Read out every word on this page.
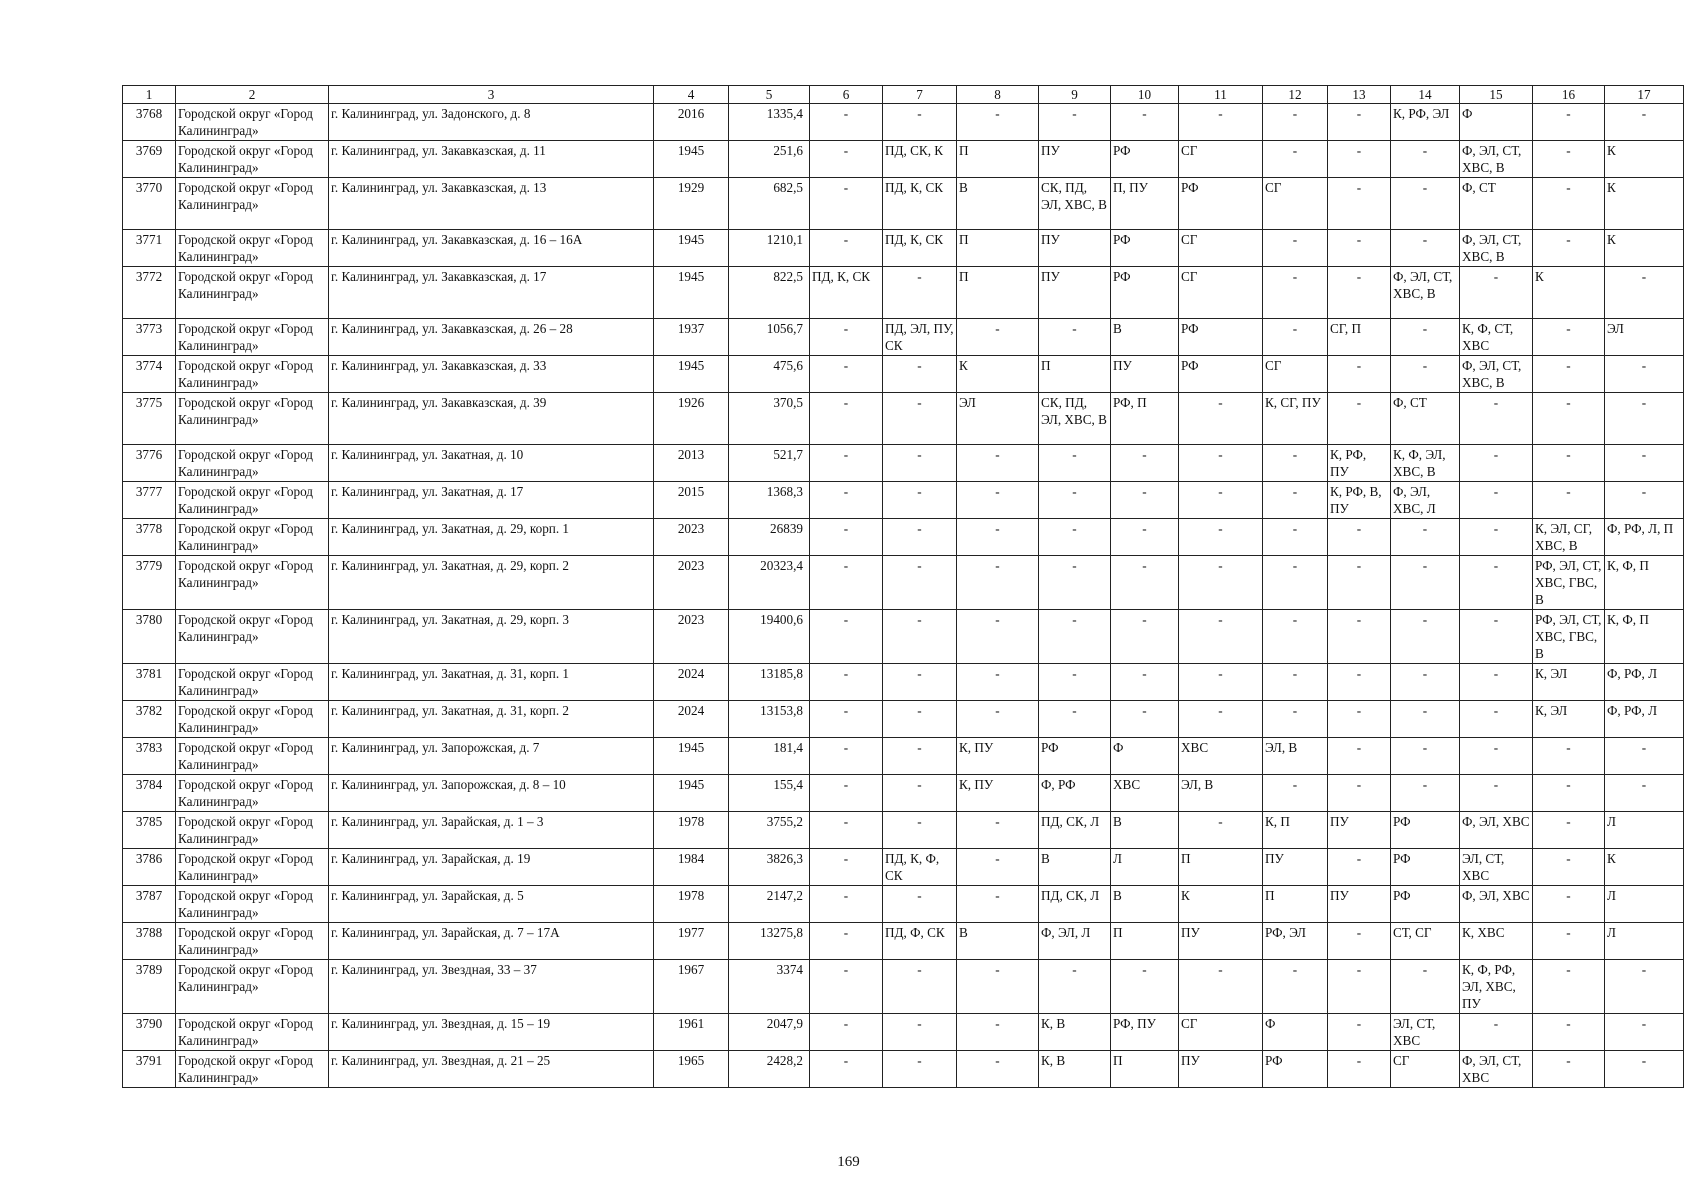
1	2	3	4	5	6	7	8	9	10	11	12	13	14	15	16	17
3768	Городской округ «Город Калининград»	г. Калининград, ул. Задонского, д. 8	2016	1335,4	-	-	-	-	-	-	-	-	К, РФ, ЭЛ	Ф	-	-
3769	Городской округ «Город Калининград»	г. Калининград, ул. Закавказская, д. 11	1945	251,6	-	ПД, СК, К	П	ПУ	РФ	СГ	-	-	-	Ф, ЭЛ, СТ, ХВС, В	-	К
3770	Городской округ «Город Калининград»	г. Калининград, ул. Закавказская, д. 13	1929	682,5	-	ПД, К, СК	В	СК, ПД, ЭЛ, ХВС, В	П, ПУ	РФ	СГ	-	-	Ф, СТ	-	К
3771	Городской округ «Город Калининград»	г. Калининград, ул. Закавказская, д. 16 – 16А	1945	1210,1	-	ПД, К, СК	П	ПУ	РФ	СГ	-	-	-	Ф, ЭЛ, СТ, ХВС, В	-	К
3772	Городской округ «Город Калининград»	г. Калининград, ул. Закавказская, д. 17	1945	822,5	ПД, К, СК	-	П	ПУ	РФ	СГ	-	-	Ф, ЭЛ, СТ, ХВС, В	-	К	-
3773	Городской округ «Город Калининград»	г. Калининград, ул. Закавказская, д. 26 – 28	1937	1056,7	-	ПД, ЭЛ, ПУ, СК	-	-	В	РФ	-	СГ, П	-	К, Ф, СТ, ХВС	-	ЭЛ
3774	Городской округ «Город Калининград»	г. Калининград, ул. Закавказская, д. 33	1945	475,6	-	-	К	П	ПУ	РФ	СГ	-	-	Ф, ЭЛ, СТ, ХВС, В	-	-
3775	Городской округ «Город Калининград»	г. Калининград, ул. Закавказская, д. 39	1926	370,5	-	-	ЭЛ	СК, ПД, ЭЛ, ХВС, В	РФ, П	-	К, СГ, ПУ	-	Ф, СТ	-	-	-
3776	Городской округ «Город Калининград»	г. Калининград, ул. Закатная, д. 10	2013	521,7	-	-	-	-	-	-	-	К, РФ, ПУ	К, Ф, ЭЛ, ХВС, В	-	-	-
3777	Городской округ «Город Калининград»	г. Калининград, ул. Закатная, д. 17	2015	1368,3	-	-	-	-	-	-	-	К, РФ, В, ПУ	Ф, ЭЛ, ХВС, Л	-	-	-
3778	Городской округ «Город Калининград»	г. Калининград, ул. Закатная, д. 29, корп. 1	2023	26839	-	-	-	-	-	-	-	-	-	-	К, ЭЛ, СГ, ХВС, В	Ф, РФ, Л, П
3779	Городской округ «Город Калининград»	г. Калининград, ул. Закатная, д. 29, корп. 2	2023	20323,4	-	-	-	-	-	-	-	-	-	-	РФ, ЭЛ, СТ, ХВС, ГВС, В	К, Ф, П
3780	Городской округ «Город Калининград»	г. Калининград, ул. Закатная, д. 29, корп. 3	2023	19400,6	-	-	-	-	-	-	-	-	-	-	РФ, ЭЛ, СТ, ХВС, ГВС, В	К, Ф, П
3781	Городской округ «Город Калининград»	г. Калининград, ул. Закатная, д. 31, корп. 1	2024	13185,8	-	-	-	-	-	-	-	-	-	-	К, ЭЛ	Ф, РФ, Л
3782	Городской округ «Город Калининград»	г. Калининград, ул. Закатная, д. 31, корп. 2	2024	13153,8	-	-	-	-	-	-	-	-	-	-	К, ЭЛ	Ф, РФ, Л
3783	Городской округ «Город Калининград»	г. Калининград, ул. Запорожская, д. 7	1945	181,4	-	-	К, ПУ	РФ	Ф	ХВС	ЭЛ, В	-	-	-	-	-
3784	Городской округ «Город Калининград»	г. Калининград, ул. Запорожская, д. 8 – 10	1945	155,4	-	-	К, ПУ	Ф, РФ	ХВС	ЭЛ, В	-	-	-	-	-	-
3785	Городской округ «Город Калининград»	г. Калининград, ул. Зарайская, д. 1 – 3	1978	3755,2	-	-	-	ПД, СК, Л	В	-	К, П	ПУ	РФ	Ф, ЭЛ, ХВС	-	Л
3786	Городской округ «Город Калининград»	г. Калининград, ул. Зарайская, д. 19	1984	3826,3	-	ПД, К, Ф, СК	-	В	Л	П	ПУ	-	РФ	ЭЛ, СТ, ХВС	-	К
3787	Городской округ «Город Калининград»	г. Калининград, ул. Зарайская, д. 5	1978	2147,2	-	-	-	ПД, СК, Л	В	К	П	ПУ	РФ	Ф, ЭЛ, ХВС	-	Л
3788	Городской округ «Город Калининград»	г. Калининград, ул. Зарайская, д. 7 – 17А	1977	13275,8	-	ПД, Ф, СК	В	Ф, ЭЛ, Л	П	ПУ	РФ, ЭЛ	-	СТ, СГ	К, ХВС	-	Л
3789	Городской округ «Город Калининград»	г. Калининград, ул. Звездная, 33 – 37	1967	3374	-	-	-	-	-	-	-	-	-	К, Ф, РФ, ЭЛ, ХВС, ПУ	-	-
3790	Городской округ «Город Калининград»	г. Калининград, ул. Звездная, д. 15 – 19	1961	2047,9	-	-	-	К, В	РФ, ПУ	СГ	Ф	-	ЭЛ, СТ, ХВС	-	-	-
3791	Городской округ «Город Калининград»	г. Калининград, ул. Звездная, д. 21 – 25	1965	2428,2	-	-	-	К, В	П	ПУ	РФ	-	СГ	Ф, ЭЛ, СТ, ХВС	-	-
169
